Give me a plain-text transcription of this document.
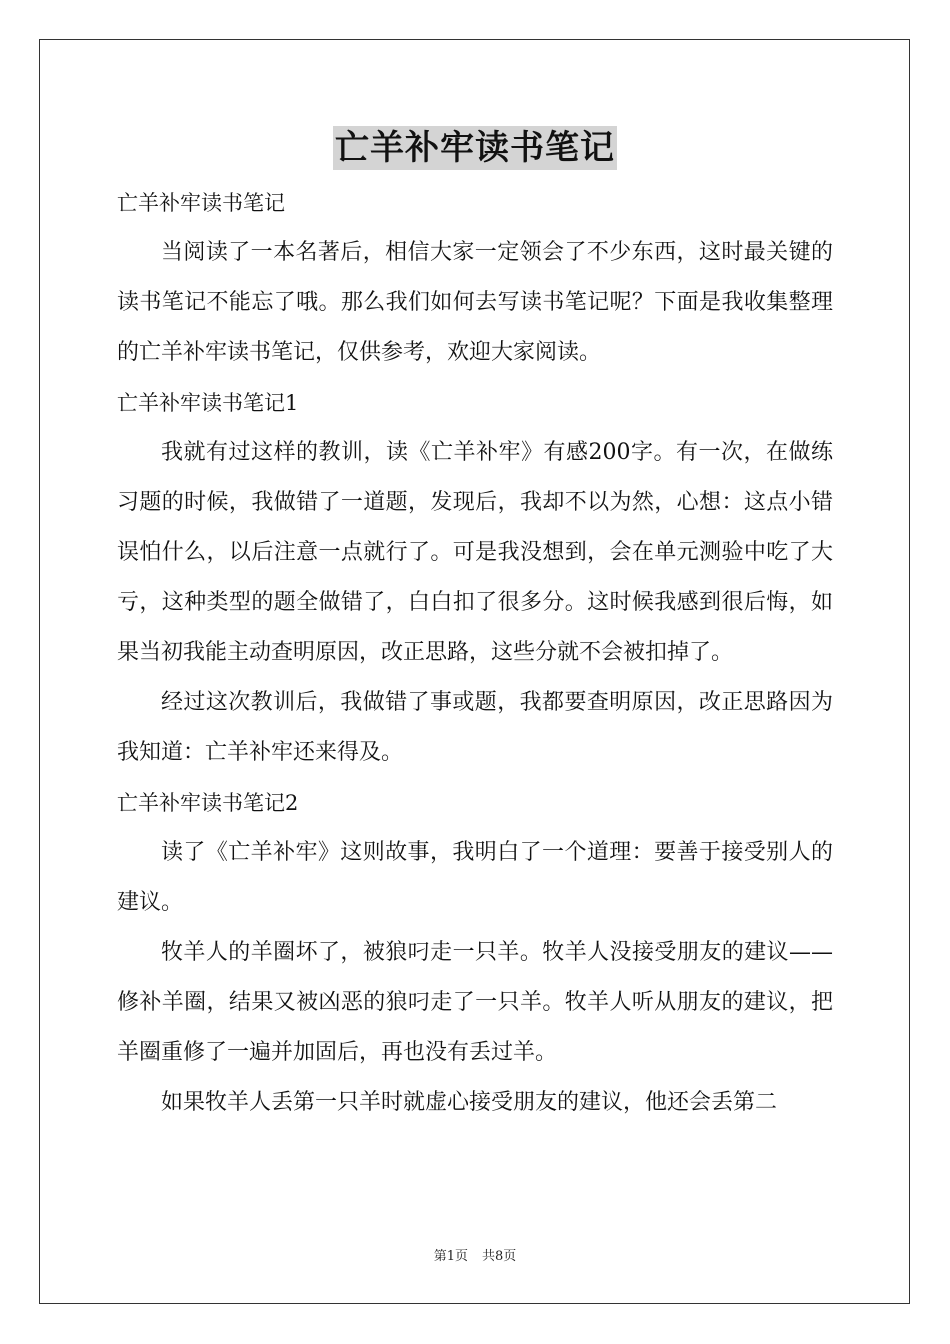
亡羊补牢读书笔记

亡羊补牢读书笔记

当阅读了一本名著后，相信大家一定领会了不少东西，这时最关键的读书笔记不能忘了哦。那么我们如何去写读书笔记呢？下面是我收集整理的亡羊补牢读书笔记，仅供参考，欢迎大家阅读。

亡羊补牢读书笔记1

我就有过这样的教训，读《亡羊补牢》有感200字。有一次，在做练习题的时候，我做错了一道题，发现后，我却不以为然，心想：这点小错误怕什么，以后注意一点就行了。可是我没想到，会在单元测验中吃了大亏，这种类型的题全做错了，白白扣了很多分。这时候我感到很后悔，如果当初我能主动查明原因，改正思路，这些分就不会被扣掉了。

经过这次教训后，我做错了事或题，我都要查明原因，改正思路因为我知道：亡羊补牢还来得及。

亡羊补牢读书笔记2

读了《亡羊补牢》这则故事，我明白了一个道理：要善于接受别人的建议。

牧羊人的羊圈坏了，被狼叼走一只羊。牧羊人没接受朋友的建议——修补羊圈，结果又被凶恶的狼叼走了一只羊。牧羊人听从朋友的建议，把羊圈重修了一遍并加固后，再也没有丢过羊。

如果牧羊人丢第一只羊时就虚心接受朋友的建议，他还会丢第二

第1页 共8页
